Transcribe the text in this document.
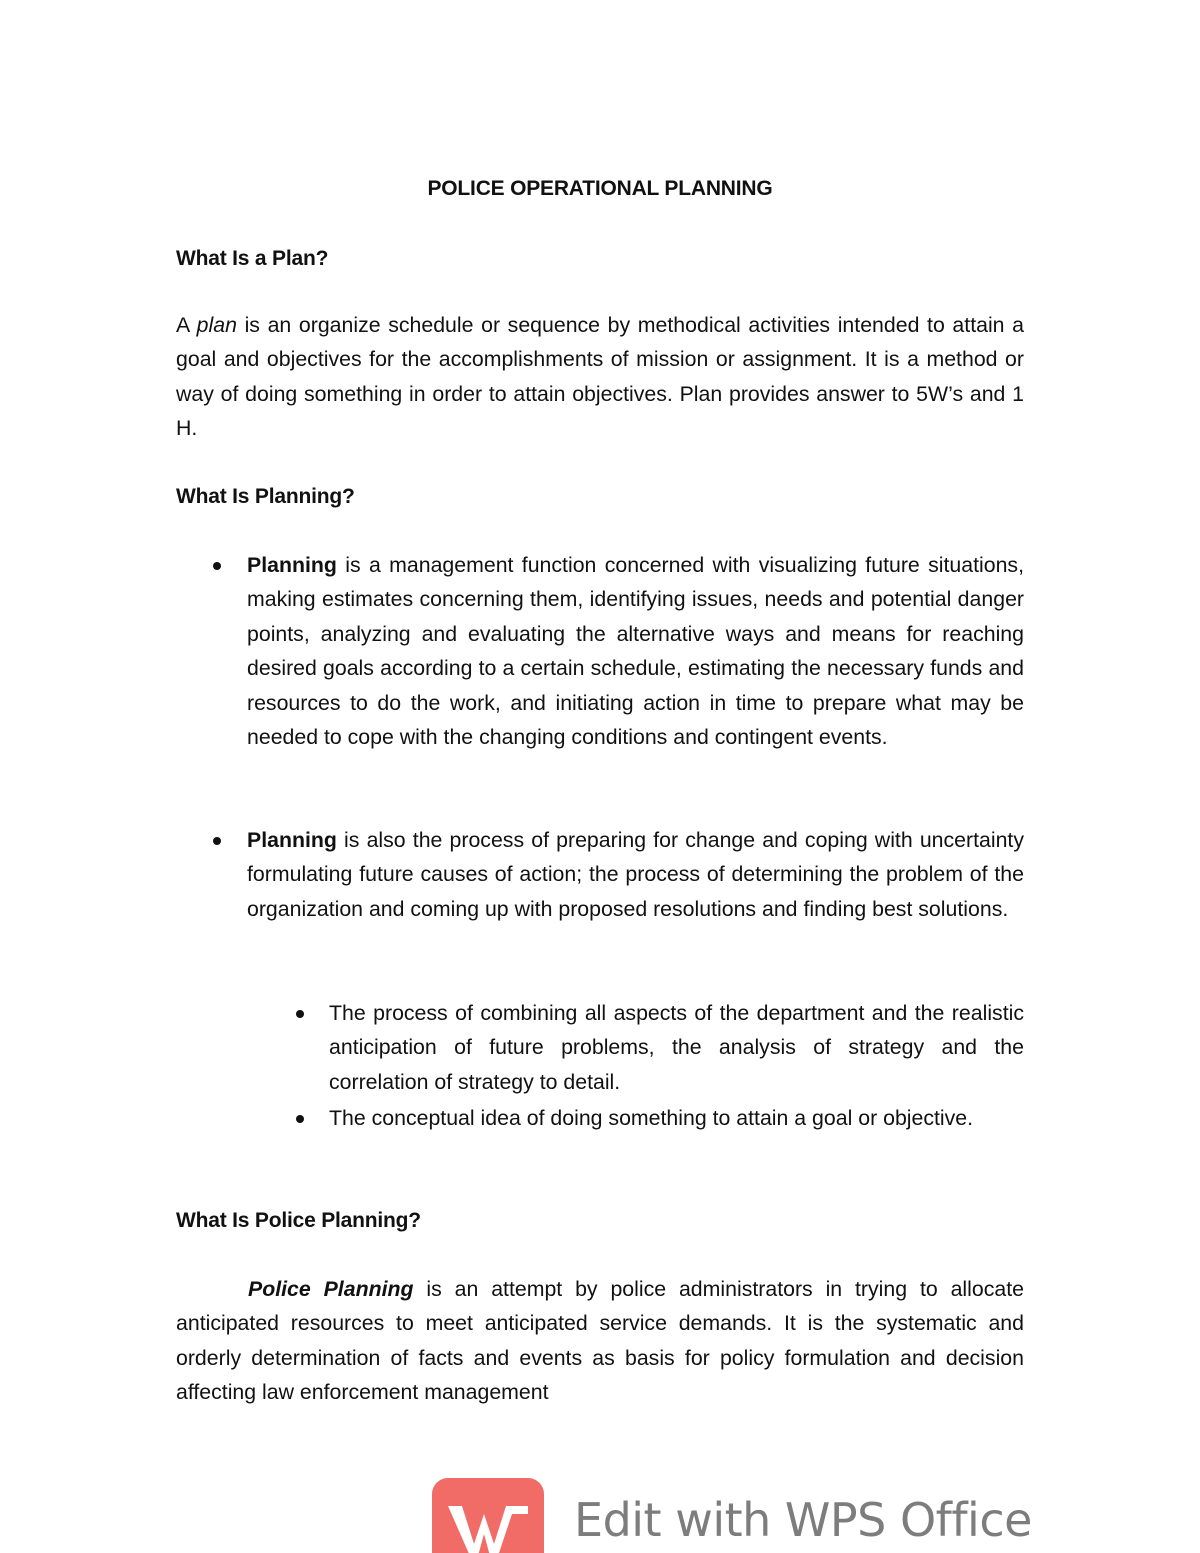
POLICE OPERATIONAL PLANNING
What Is a Plan?

A plan is an organize schedule or sequence by methodical activities intended to attain a goal and objectives for the accomplishments of mission or assignment. It is a method or way of doing something in order to attain objectives. Plan provides answer to 5W’s and 1 H.

What Is Planning?

Planning is a management function concerned with visualizing future situations, making estimates concerning them, identifying issues, needs and potential danger points, analyzing and evaluating the alternative ways and means for reaching desired goals according to a certain schedule, estimating the necessary funds and resources to do the work, and initiating action in time to prepare what may be needed to cope with the changing conditions and contingent events.

Planning is also the process of preparing for change and coping with uncertainty formulating future causes of action; the process of determining the problem of the organization and coming up with proposed resolutions and finding best solutions.

The process of combining all aspects of the department and the realistic anticipation of future problems, the analysis of strategy and the correlation of strategy to detail.

The conceptual idea of doing something to attain a goal or objective.

What Is Police Planning?

Police Planning is an attempt by police administrators in trying to allocate anticipated resources to meet anticipated service demands. It is the systematic and orderly determination of facts and events as basis for policy formulation and decision affecting law enforcement management

Edit with WPS Office
